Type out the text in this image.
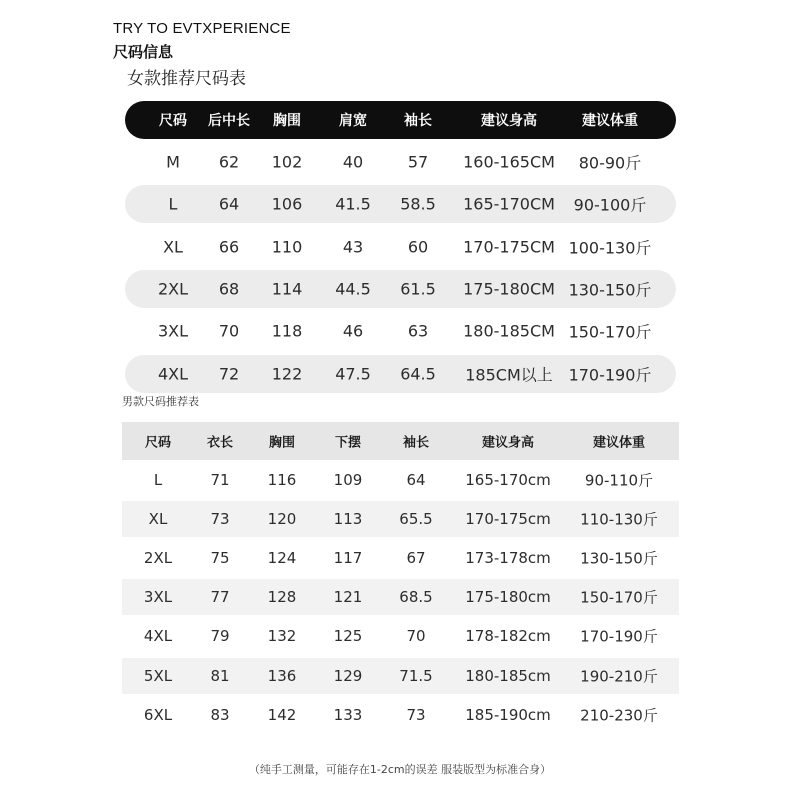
TRY TO EVTXPERIENCE
尺码信息
女款推荐尺码表
尺码 后中长 胸围	肩宽	袖长	建议身高	建议体重
M 62 102	40	57 160-165CM 80-90斤
L	64 106 41.5 58.5 165-170CM 90-100斤
XL 66 110	43	60 170-175CM 100-130斤
2XL 68 114 44.5 61.5 175-180CM 130-150斤
3XL 70 118	46	63 180-185CM 150-170斤
4XL 72 122 47.5 64.5 185CM以上 170-190斤
男款尺码推荐表
尺码	衣长	胸围	下摆	袖长	建议身高	建议体重
L	71	116 109	64	165-170cm 90-110斤
XL	73	120 113 65.5 170-175cm 110-130斤
2XL	75	124 117	67	173-178cm 130-150斤
3XL	77	128 121 68.5 175-180cm 150-170斤
4XL	79	132 125	70	178-182cm 170-190斤
5XL	81	136 129 71.5 180-185cm 190-210斤
6XL	83	142 133	73	185-190cm 210-230斤
（纯手工测量，可能存在1-2cm的误差 服装版型为标准合身）
